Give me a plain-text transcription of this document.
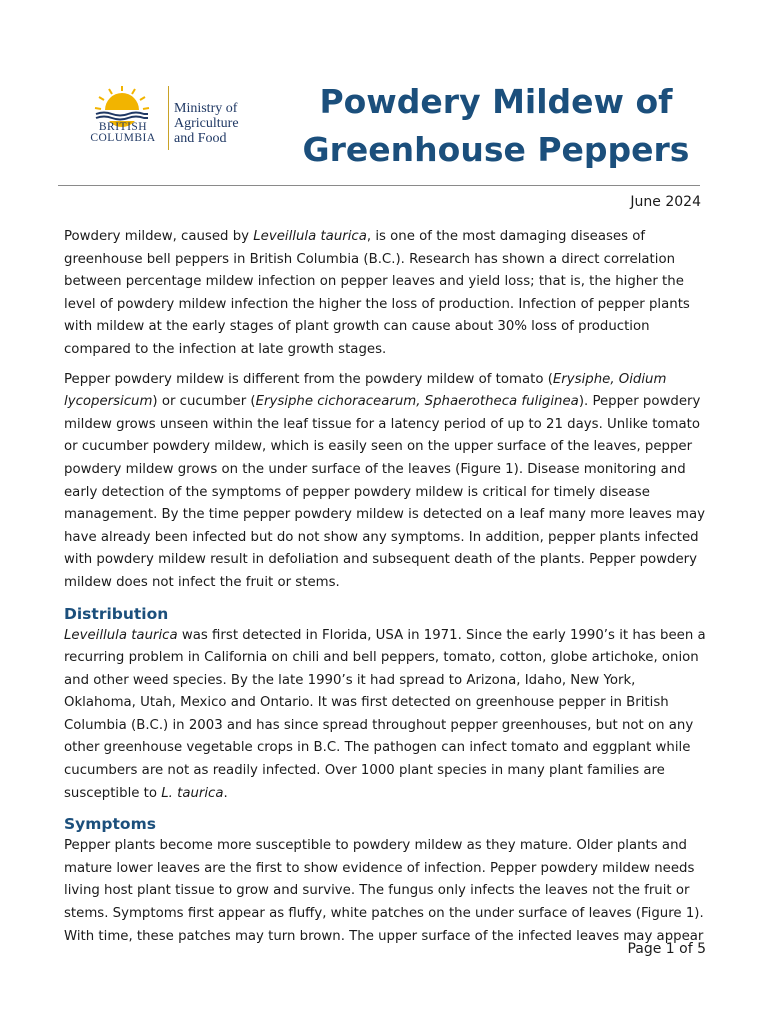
BRITISH
COLUMBIA
Ministry of
Agriculture
and Food
Powdery Mildew of
Greenhouse Peppers
June 2024

Powdery mildew, caused by Leveillula taurica, is one of the most damaging diseases of greenhouse bell peppers in British Columbia (B.C.). Research has shown a direct correlation between percentage mildew infection on pepper leaves and yield loss; that is, the higher the level of powdery mildew infection the higher the loss of production. Infection of pepper plants with mildew at the early stages of plant growth can cause about 30% loss of production compared to the infection at late growth stages.

Pepper powdery mildew is different from the powdery mildew of tomato (Erysiphe, Oidium lycopersicum) or cucumber (Erysiphe cichoracearum, Sphaerotheca fuliginea). Pepper powdery mildew grows unseen within the leaf tissue for a latency period of up to 21 days. Unlike tomato or cucumber powdery mildew, which is easily seen on the upper surface of the leaves, pepper powdery mildew grows on the under surface of the leaves (Figure 1). Disease monitoring and early detection of the symptoms of pepper powdery mildew is critical for timely disease management. By the time pepper powdery mildew is detected on a leaf many more leaves may have already been infected but do not show any symptoms. In addition, pepper plants infected with powdery mildew result in defoliation and subsequent death of the plants. Pepper powdery mildew does not infect the fruit or stems.

Distribution

Leveillula taurica was first detected in Florida, USA in 1971. Since the early 1990’s it has been a recurring problem in California on chili and bell peppers, tomato, cotton, globe artichoke, onion and other weed species. By the late 1990’s it had spread to Arizona, Idaho, New York, Oklahoma, Utah, Mexico and Ontario. It was first detected on greenhouse pepper in British Columbia (B.C.) in 2003 and has since spread throughout pepper greenhouses, but not on any other greenhouse vegetable crops in B.C. The pathogen can infect tomato and eggplant while cucumbers are not as readily infected. Over 1000 plant species in many plant families are susceptible to L. taurica.

Symptoms

Pepper plants become more susceptible to powdery mildew as they mature. Older plants and mature lower leaves are the first to show evidence of infection. Pepper powdery mildew needs living host plant tissue to grow and survive. The fungus only infects the leaves not the fruit or stems. Symptoms first appear as fluffy, white patches on the under surface of leaves (Figure 1). With time, these patches may turn brown. The upper surface of the infected leaves may appear

Page 1 of 5
